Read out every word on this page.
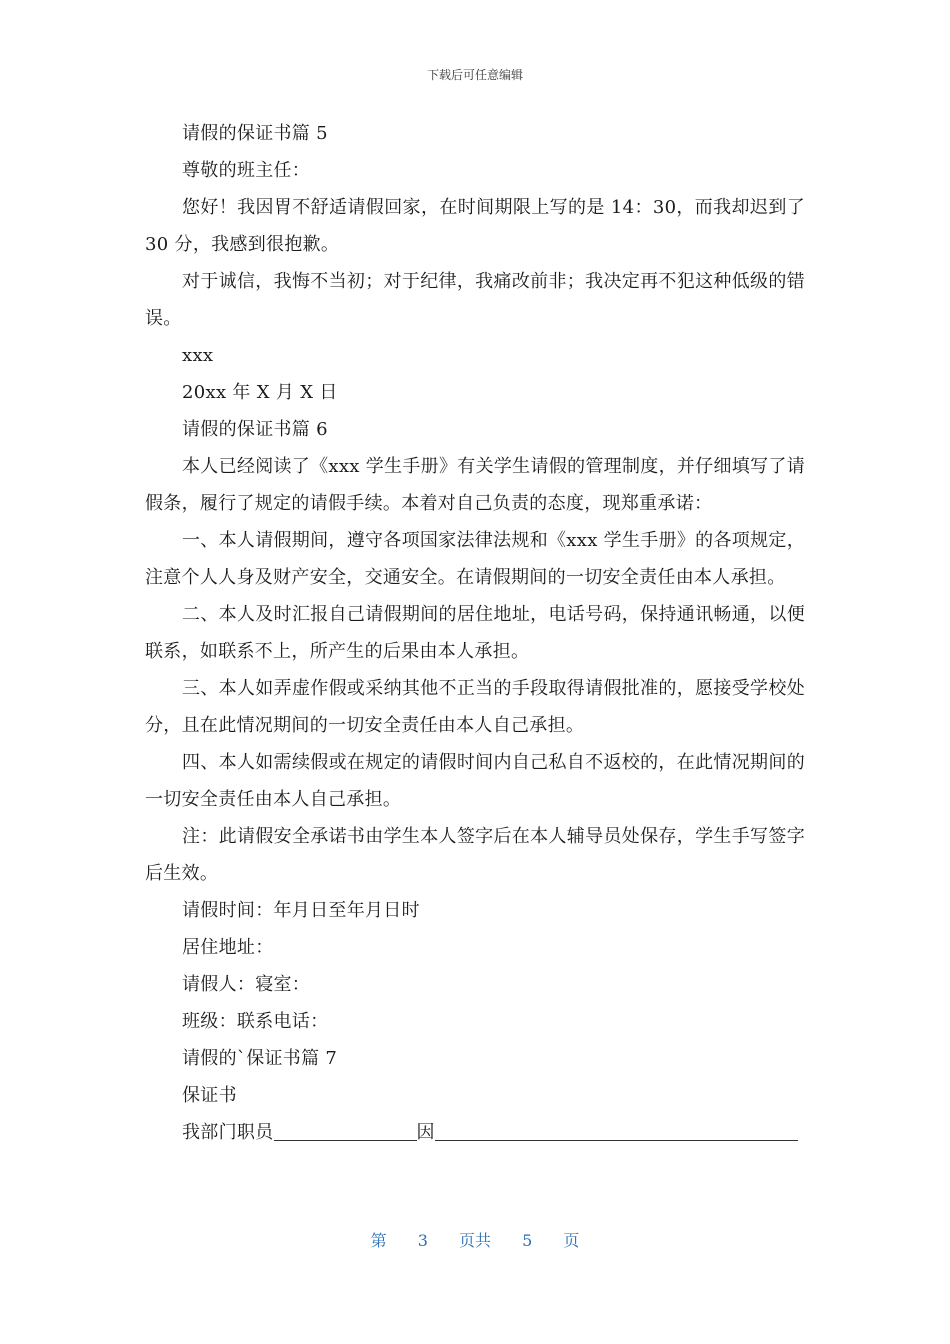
下载后可任意编辑

请假的保证书篇 5

尊敬的班主任：

您好！我因胃不舒适请假回家，在时间期限上写的是 14：30，而我却迟到了 30 分，我感到很抱歉。

对于诚信，我悔不当初；对于纪律，我痛改前非；我决定再不犯这种低级的错误。

xxx

20xx 年 X 月 X 日

请假的保证书篇 6

本人已经阅读了《xxx 学生手册》有关学生请假的管理制度，并仔细填写了请假条，履行了规定的请假手续。本着对自己负责的态度，现郑重承诺：

一、本人请假期间，遵守各项国家法律法规和《xxx 学生手册》的各项规定，注意个人人身及财产安全，交通安全。在请假期间的一切安全责任由本人承担。

二、本人及时汇报自己请假期间的居住地址，电话号码，保持通讯畅通，以便联系，如联系不上，所产生的后果由本人承担。

三、本人如弄虚作假或采纳其他不正当的手段取得请假批准的，愿接受学校处分，且在此情况期间的一切安全责任由本人自己承担。

四、本人如需续假或在规定的请假时间内自己私自不返校的，在此情况期间的一切安全责任由本人自己承担。

注：此请假安全承诺书由学生本人签字后在本人辅导员处保存，学生手写签字后生效。

请假时间：年月日至年月日时

居住地址：

请假人：寝室：

班级：联系电话：

请假的`保证书篇 7

保证书

我部门职员	因

第 3 页共 5 页
